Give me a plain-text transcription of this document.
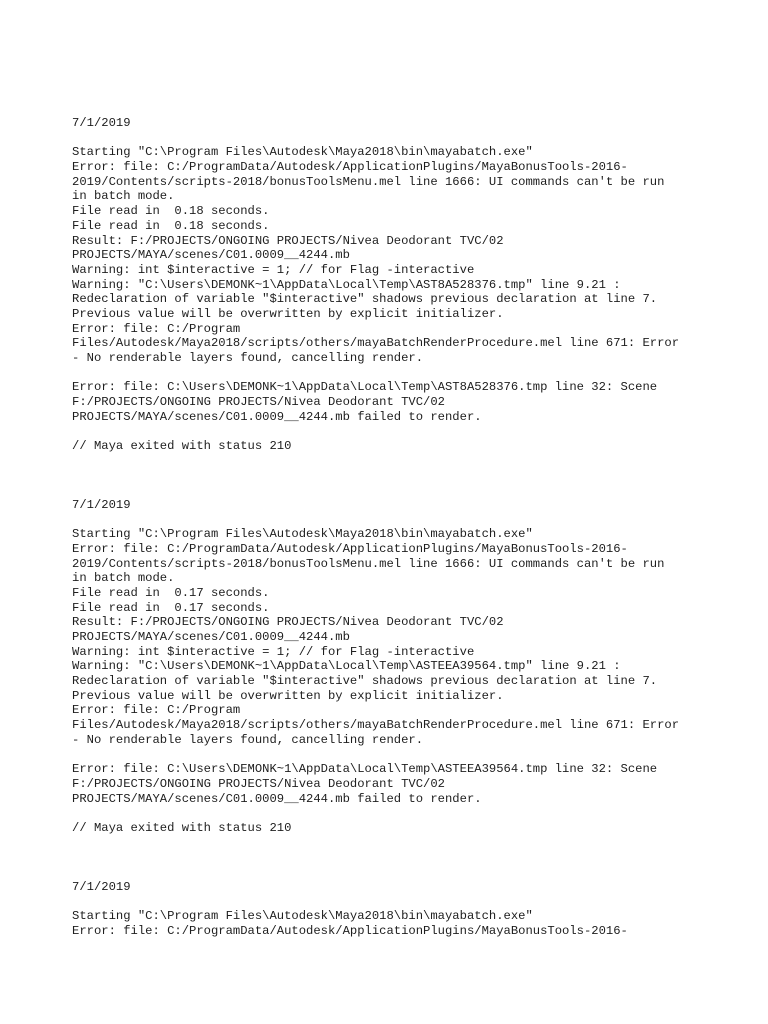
7/1/2019
Starting "C:\Program Files\Autodesk\Maya2018\bin\mayabatch.exe"
Error: file: C:/ProgramData/Autodesk/ApplicationPlugins/MayaBonusTools-2016-
2019/Contents/scripts-2018/bonusToolsMenu.mel line 1666: UI commands can't be run
in batch mode.
File read in  0.18 seconds.
File read in  0.18 seconds.
Result: F:/PROJECTS/ONGOING PROJECTS/Nivea Deodorant TVC/02
PROJECTS/MAYA/scenes/C01.0009__4244.mb
Warning: int $interactive = 1; // for Flag -interactive
Warning: "C:\Users\DEMONK~1\AppData\Local\Temp\AST8A528376.tmp" line 9.21 :
Redeclaration of variable "$interactive" shadows previous declaration at line 7.
Previous value will be overwritten by explicit initializer.
Error: file: C:/Program
Files/Autodesk/Maya2018/scripts/others/mayaBatchRenderProcedure.mel line 671: Error
- No renderable layers found, cancelling render.
Error: file: C:\Users\DEMONK~1\AppData\Local\Temp\AST8A528376.tmp line 32: Scene
F:/PROJECTS/ONGOING PROJECTS/Nivea Deodorant TVC/02
PROJECTS/MAYA/scenes/C01.0009__4244.mb failed to render.
// Maya exited with status 210
7/1/2019
Starting "C:\Program Files\Autodesk\Maya2018\bin\mayabatch.exe"
Error: file: C:/ProgramData/Autodesk/ApplicationPlugins/MayaBonusTools-2016-
2019/Contents/scripts-2018/bonusToolsMenu.mel line 1666: UI commands can't be run
in batch mode.
File read in  0.17 seconds.
File read in  0.17 seconds.
Result: F:/PROJECTS/ONGOING PROJECTS/Nivea Deodorant TVC/02
PROJECTS/MAYA/scenes/C01.0009__4244.mb
Warning: int $interactive = 1; // for Flag -interactive
Warning: "C:\Users\DEMONK~1\AppData\Local\Temp\ASTEEA39564.tmp" line 9.21 :
Redeclaration of variable "$interactive" shadows previous declaration at line 7.
Previous value will be overwritten by explicit initializer.
Error: file: C:/Program
Files/Autodesk/Maya2018/scripts/others/mayaBatchRenderProcedure.mel line 671: Error
- No renderable layers found, cancelling render.
Error: file: C:\Users\DEMONK~1\AppData\Local\Temp\ASTEEA39564.tmp line 32: Scene
F:/PROJECTS/ONGOING PROJECTS/Nivea Deodorant TVC/02
PROJECTS/MAYA/scenes/C01.0009__4244.mb failed to render.
// Maya exited with status 210
7/1/2019
Starting "C:\Program Files\Autodesk\Maya2018\bin\mayabatch.exe"
Error: file: C:/ProgramData/Autodesk/ApplicationPlugins/MayaBonusTools-2016-
